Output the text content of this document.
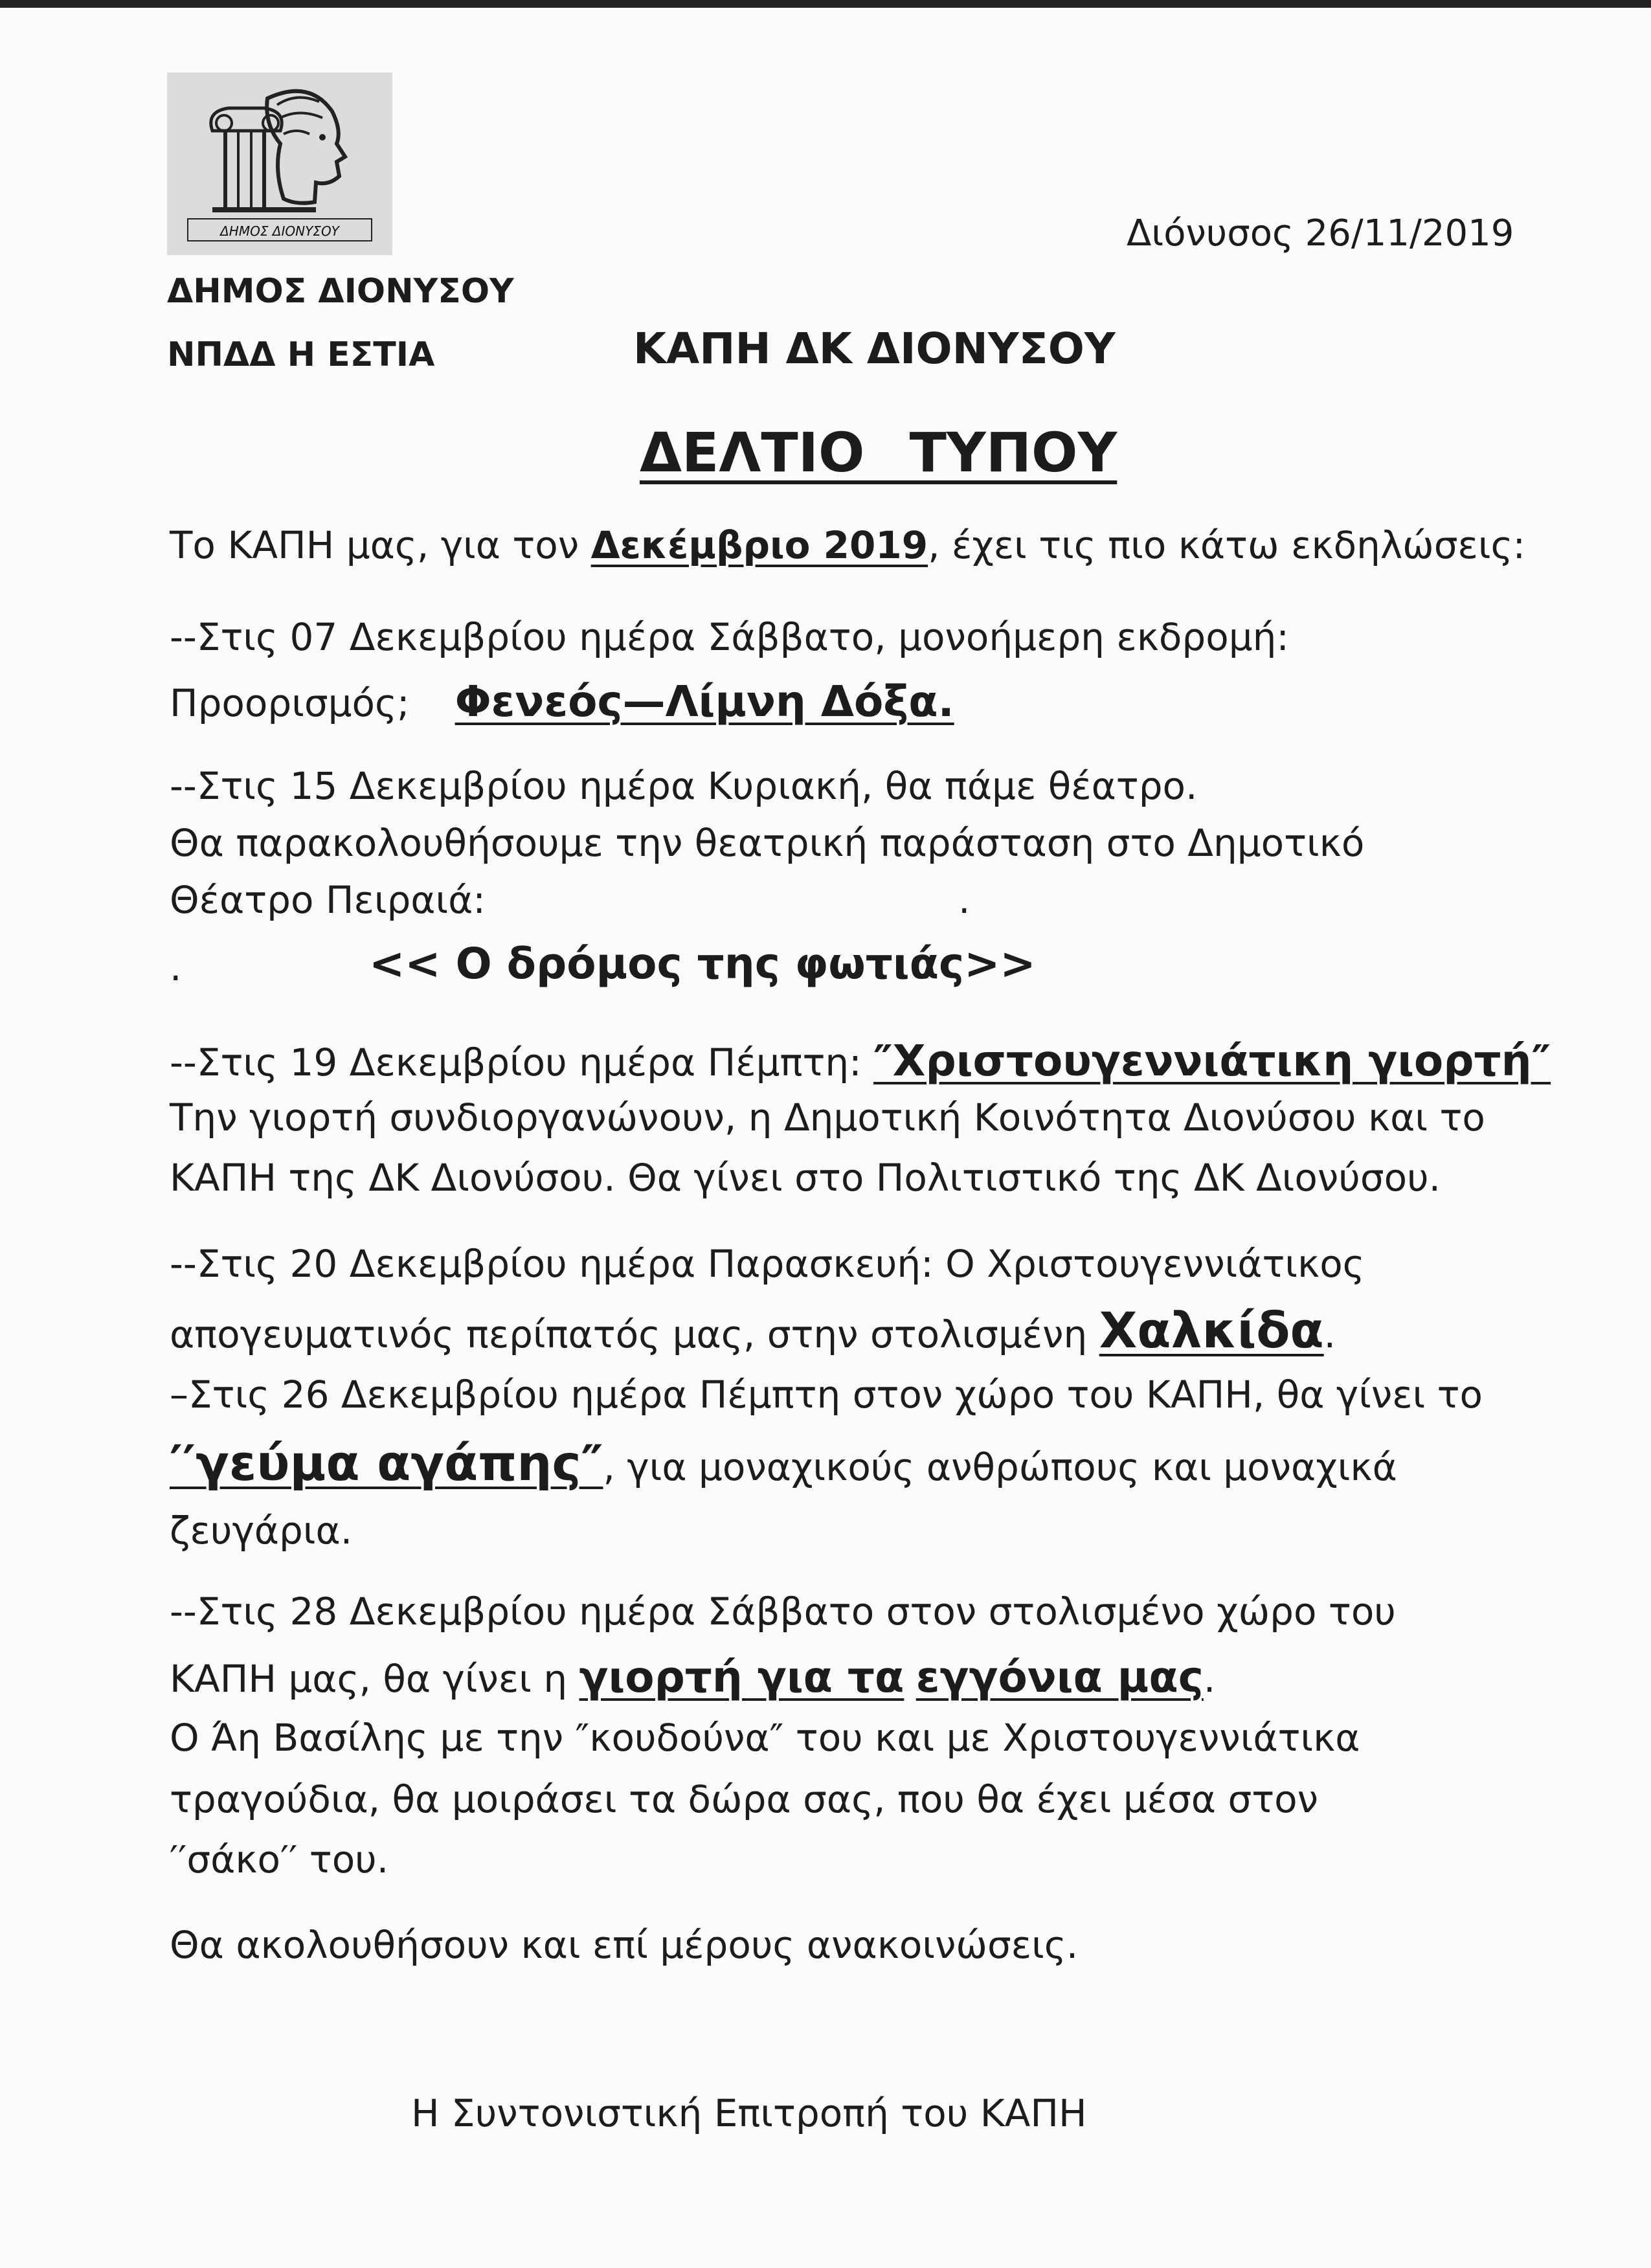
ΔΗΜΟΣ ΔΙΟΝΥΣΟΥ	Διόνυσος 26/11/2019
ΔΗΜΟΣ ΔΙΟΝΥΣΟΥ
ΝΠΔΔ Η ΕΣΤΙΑ	ΚΑΠΗ ΔΚ ΔΙΟΝΥΣΟΥ
ΔΕΛΤΙΟ ΤΥΠΟΥ
Το ΚΑΠΗ μας, για τον Δεκέμβριο 2019, έχει τις πιο κάτω εκδηλώσεις:
--Στις 07 Δεκεμβρίου ημέρα Σάββατο, μονοήμερη εκδρομή:
Προορισμός; Φενεός—Λίμνη Δόξα.
--Στις 15 Δεκεμβρίου ημέρα Κυριακή, θα πάμε θέατρο.
Θα παρακολουθήσουμε την θεατρική παράσταση στο Δημοτικό
Θέατρο Πειραιά:	.
.	<< Ο δρόμος της φωτιάς>>
--Στις 19 Δεκεμβρίου ημέρα Πέμπτη: ″Χριστουγεννιάτικη γιορτή″
Την γιορτή συνδιοργανώνουν, η Δημοτική Κοινότητα Διονύσου και το
ΚΑΠΗ της ΔΚ Διονύσου. Θα γίνει στο Πολιτιστικό της ΔΚ Διονύσου.
--Στις 20 Δεκεμβρίου ημέρα Παρασκευή: Ο Χριστουγεννιάτικος
απογευματινός περίπατός μας, στην στολισμένη Χαλκίδα.
–Στις 26 Δεκεμβρίου ημέρα Πέμπτη στον χώρο του ΚΑΠΗ, θα γίνει το
′′γεύμα αγάπης″, για μοναχικούς ανθρώπους και μοναχικά
ζευγάρια.
--Στις 28 Δεκεμβρίου ημέρα Σάββατο στον στολισμένο χώρο του
ΚΑΠΗ μας, θα γίνει η γιορτή για τα εγγόνια μας.
Ο Άη Βασίλης με την ″κουδούνα″ του και με Χριστουγεννιάτικα
τραγούδια, θα μοιράσει τα δώρα σας, που θα έχει μέσα στον
′′σάκο′′ του.
Θα ακολουθήσουν και επί μέρους ανακοινώσεις.
Η Συντονιστική Επιτροπή του ΚΑΠΗ
